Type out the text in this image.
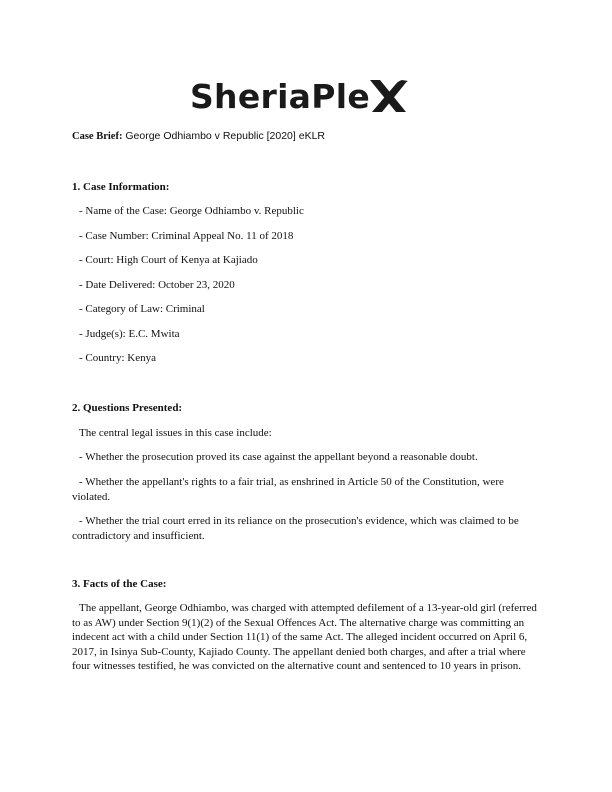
SheriaPle
Case Brief: George Odhiambo v Republic [2020] eKLR
1. Case Information:
- Name of the Case: George Odhiambo v. Republic
- Case Number: Criminal Appeal No. 11 of 2018
- Court: High Court of Kenya at Kajiado
- Date Delivered: October 23, 2020
- Category of Law: Criminal
- Judge(s): E.C. Mwita
- Country: Kenya
2. Questions Presented:
The central legal issues in this case include:
- Whether the prosecution proved its case against the appellant beyond a reasonable doubt.
- Whether the appellant's rights to a fair trial, as enshrined in Article 50 of the Constitution, were violated.
- Whether the trial court erred in its reliance on the prosecution's evidence, which was claimed to be contradictory and insufficient.
3. Facts of the Case:
The appellant, George Odhiambo, was charged with attempted defilement of a 13-year-old girl (referred to as AW) under Section 9(1)(2) of the Sexual Offences Act. The alternative charge was committing an indecent act with a child under Section 11(1) of the same Act. The alleged incident occurred on April 6, 2017, in Isinya Sub-County, Kajiado County. The appellant denied both charges, and after a trial where four witnesses testified, he was convicted on the alternative count and sentenced to 10 years in prison.
